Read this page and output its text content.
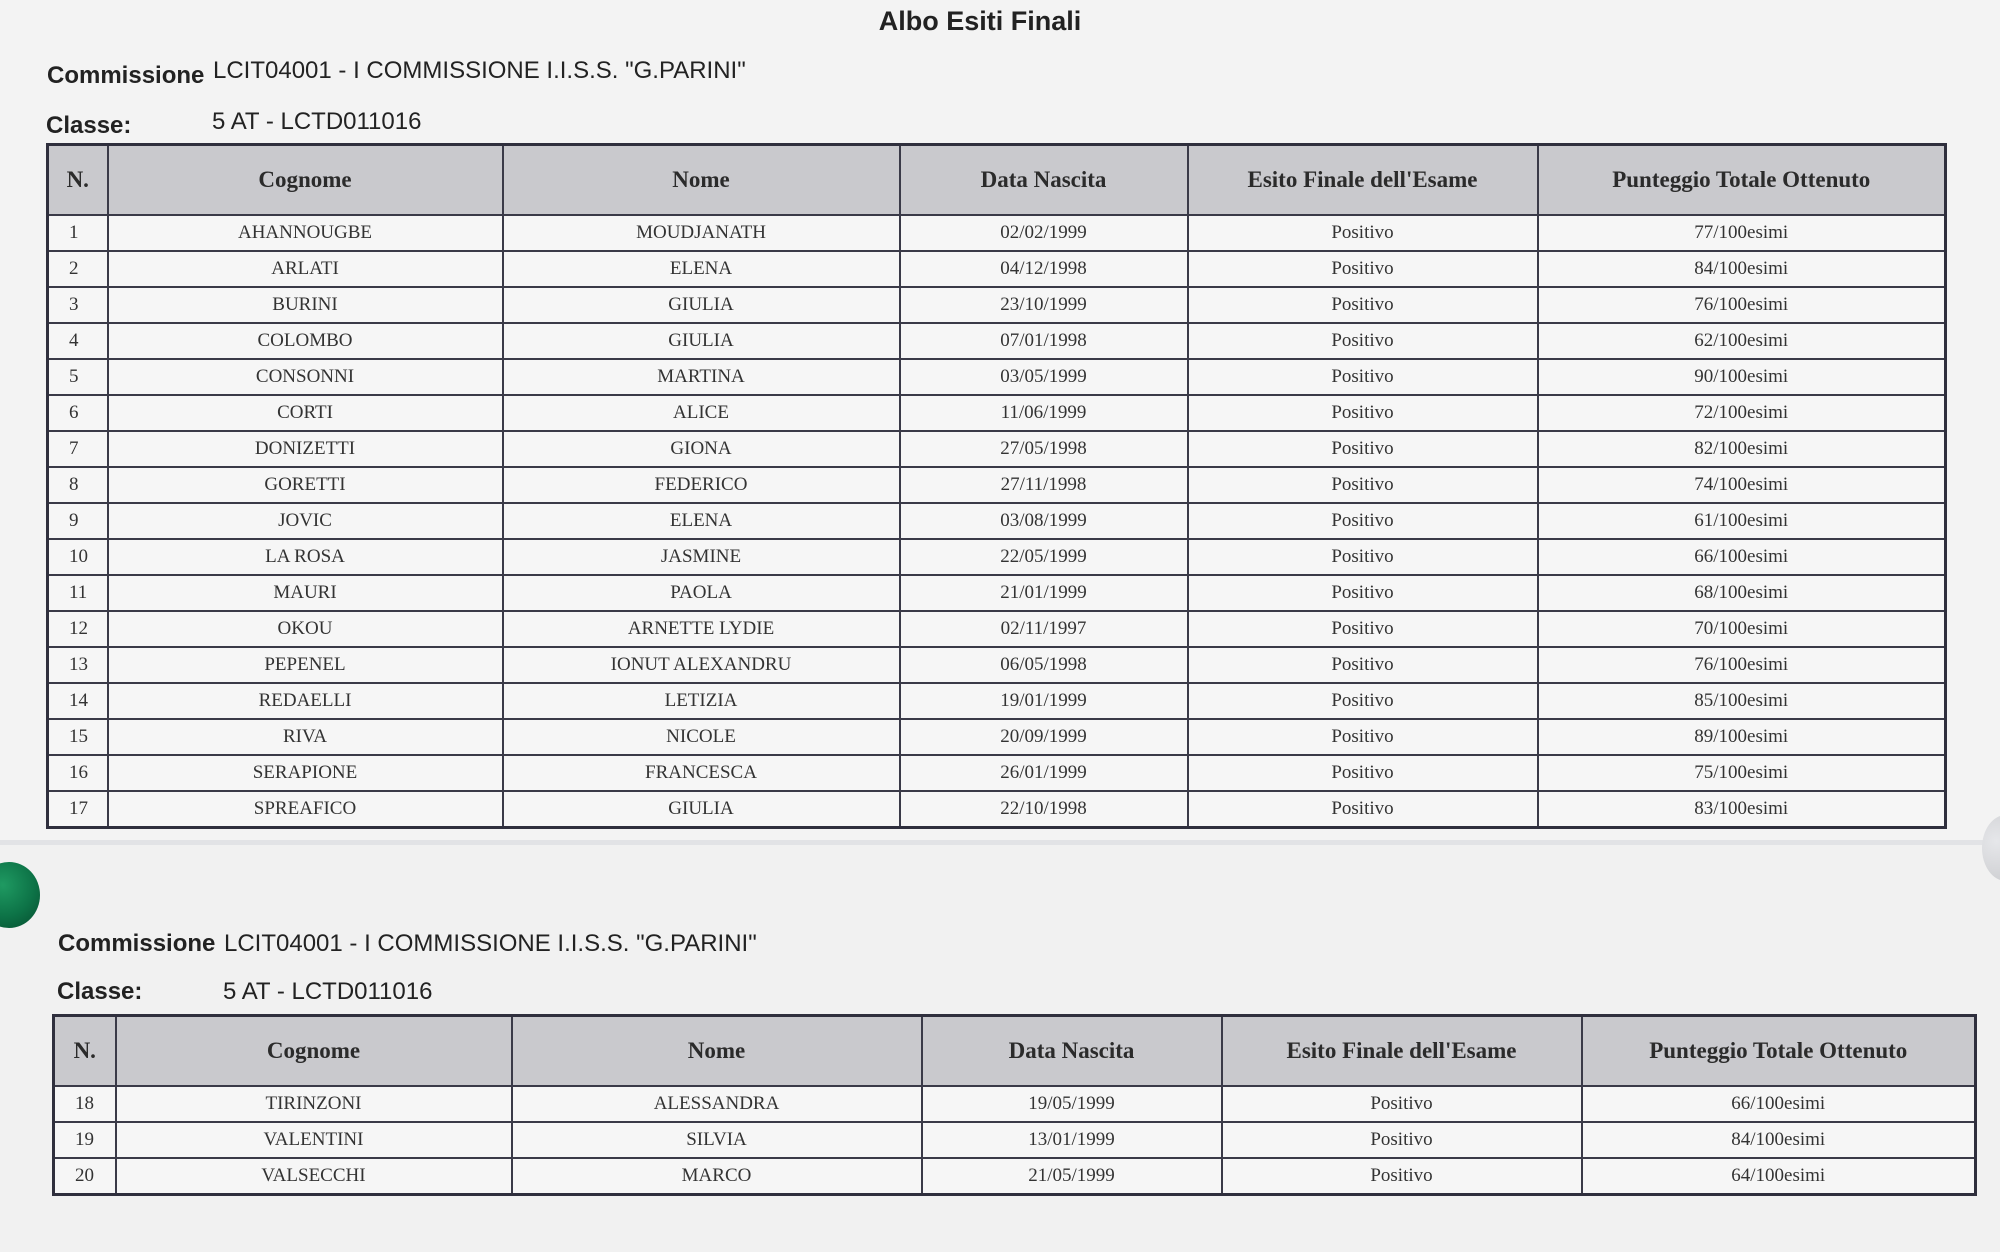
Albo Esiti Finali
Commissione LCIT04001 - I COMMISSIONE I.I.S.S. "G.PARINI"
Classe:	5 AT - LCTD011016
N.	Cognome	Nome	Data Nascita	Esito Finale dell'Esame	Punteggio Totale Ottenuto
1	AHANNOUGBE	MOUDJANATH	02/02/1999	Positivo	77/100esimi
2	ARLATI	ELENA	04/12/1998	Positivo	84/100esimi
3	BURINI	GIULIA	23/10/1999	Positivo	76/100esimi
4	COLOMBO	GIULIA	07/01/1998	Positivo	62/100esimi
5	CONSONNI	MARTINA	03/05/1999	Positivo	90/100esimi
6	CORTI	ALICE	11/06/1999	Positivo	72/100esimi
7	DONIZETTI	GIONA	27/05/1998	Positivo	82/100esimi
8	GORETTI	FEDERICO	27/11/1998	Positivo	74/100esimi
9	JOVIC	ELENA	03/08/1999	Positivo	61/100esimi
10	LA ROSA	JASMINE	22/05/1999	Positivo	66/100esimi
11	MAURI	PAOLA	21/01/1999	Positivo	68/100esimi
12	OKOU	ARNETTE LYDIE	02/11/1997	Positivo	70/100esimi
13	PEPENEL	IONUT ALEXANDRU	06/05/1998	Positivo	76/100esimi
14	REDAELLI	LETIZIA	19/01/1999	Positivo	85/100esimi
15	RIVA	NICOLE	20/09/1999	Positivo	89/100esimi
16	SERAPIONE	FRANCESCA	26/01/1999	Positivo	75/100esimi
17	SPREAFICO	GIULIA	22/10/1998	Positivo	83/100esimi
Commissione LCIT04001 - I COMMISSIONE I.I.S.S. "G.PARINI"
Classe:	5 AT - LCTD011016
N.	Cognome	Nome	Data Nascita	Esito Finale dell'Esame	Punteggio Totale Ottenuto
18	TIRINZONI	ALESSANDRA	19/05/1999	Positivo	66/100esimi
19	VALENTINI	SILVIA	13/01/1999	Positivo	84/100esimi
20	VALSECCHI	MARCO	21/05/1999	Positivo	64/100esimi
